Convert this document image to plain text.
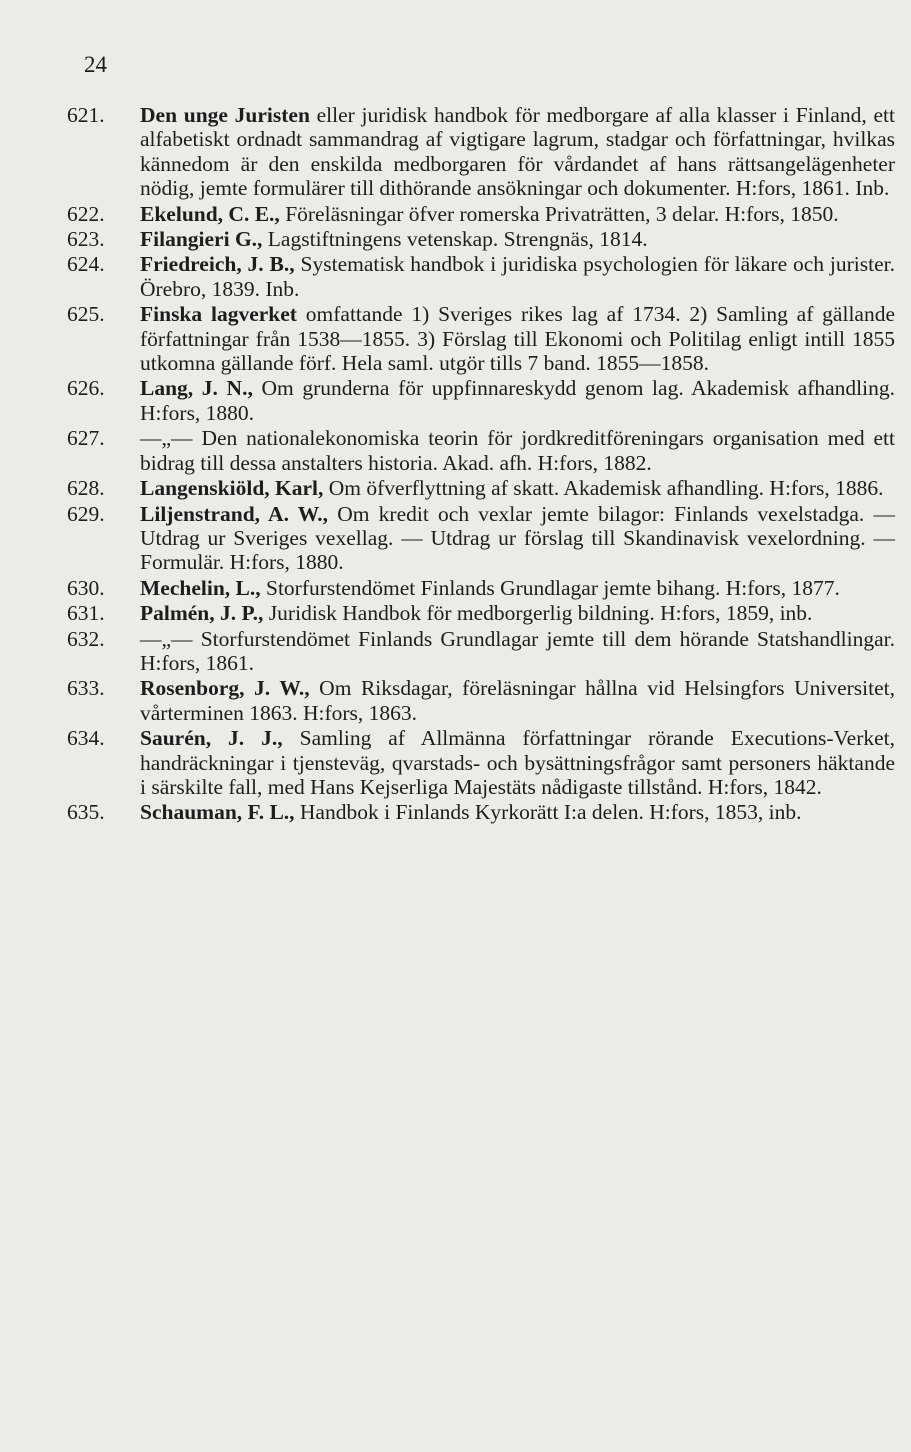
24

621. Den unge Juristen eller juridisk handbok för medborgare af alla klasser i Finland, ett alfabetiskt ordnadt sammandrag af vigtigare lagrum, stadgar och författningar, hvilkas kännedom är den enskilda medborgaren för vårdandet af hans rättsangelägenheter nödig, jemte formulärer till dithörande ansökningar och dokumenter. H:fors, 1861. Inb.

622. Ekelund, C. E., Föreläsningar öfver romerska Privaträtten, 3 delar. H:fors, 1850.

623. Filangieri G., Lagstiftningens vetenskap. Strengnäs, 1814.

624. Friedreich, J. B., Systematisk handbok i juridiska psychologien för läkare och jurister. Örebro, 1839. Inb.

625. Finska lagverket omfattande 1) Sveriges rikes lag af 1734. 2) Samling af gällande författningar från 1538—1855. 3) Förslag till Ekonomi och Politilag enligt intill 1855 utkomna gällande förf. Hela saml. utgör tills 7 band. 1855—1858.

626. Lang, J. N., Om grunderna för uppfinnareskydd genom lag. Akademisk afhandling. H:fors, 1880.

627. —„— Den nationalekonomiska teorin för jordkreditföreningars organisation med ett bidrag till dessa anstalters historia. Akad. afh. H:fors, 1882.

628. Langenskiöld, Karl, Om öfverflyttning af skatt. Akademisk afhandling. H:fors, 1886.

629. Liljenstrand, A. W., Om kredit och vexlar jemte bilagor: Finlands vexelstadga. — Utdrag ur Sveriges vexellag. — Utdrag ur förslag till Skandinavisk vexelordning. — Formulär. H:fors, 1880.

630. Mechelin, L., Storfurstendömet Finlands Grundlagar jemte bihang. H:fors, 1877.

631. Palmén, J. P., Juridisk Handbok för medborgerlig bildning. H:fors, 1859, inb.

632. —„— Storfurstendömet Finlands Grundlagar jemte till dem hörande Statshandlingar. H:fors, 1861.

633. Rosenborg, J. W., Om Riksdagar, föreläsningar hållna vid Helsingfors Universitet, vårterminen 1863. H:fors, 1863.

634. Saurén, J. J., Samling af Allmänna författningar rörande Executions-Verket, handräckningar i tjensteväg, qvarstads- och bysättningsfrågor samt personers häktande i särskilte fall, med Hans Kejserliga Majestäts nådigaste tillstånd. H:fors, 1842.

635. Schauman, F. L., Handbok i Finlands Kyrkorätt I:a delen. H:fors, 1853, inb.
